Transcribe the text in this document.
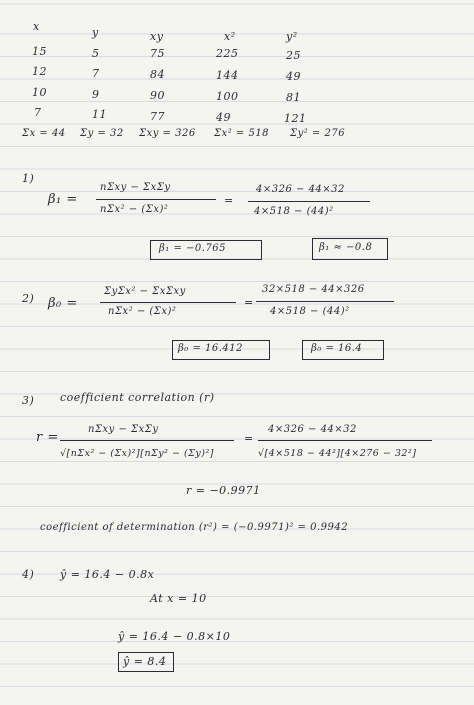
x	y	xy	x²	y²
15	5	75	225	25
12	7	84	144	49
10	9	90	100	81
7	11	77	49	121
Σx = 44 Σy = 32 Σxy = 326 Σx² = 518 Σy² = 276
1)
β₁ =
nΣxy − ΣxΣy
nΣx² − (Σx)²
=
4×326 − 44×32
4×518 − (44)²
β₁ = −0.765	β₁ ≈ −0.8
2) β₀ =
ΣyΣx² − ΣxΣxy
nΣx² − (Σx)²
=
32×518 − 44×326
4×518 − (44)²
β₀ = 16.412	β₀ = 16.4
3) coefficient correlation (r)
r =
nΣxy − ΣxΣy
√[nΣx² − (Σx)²][nΣy² − (Σy)²]
=
4×326 − 44×32
√[4×518 − 44²][4×276 − 32²]
r = −0.9971
coefficient of determination (r²) = (−0.9971)² = 0.9942
4) ŷ = 16.4 − 0.8x
At x = 10
ŷ = 16.4 − 0.8×10
ŷ = 8.4
